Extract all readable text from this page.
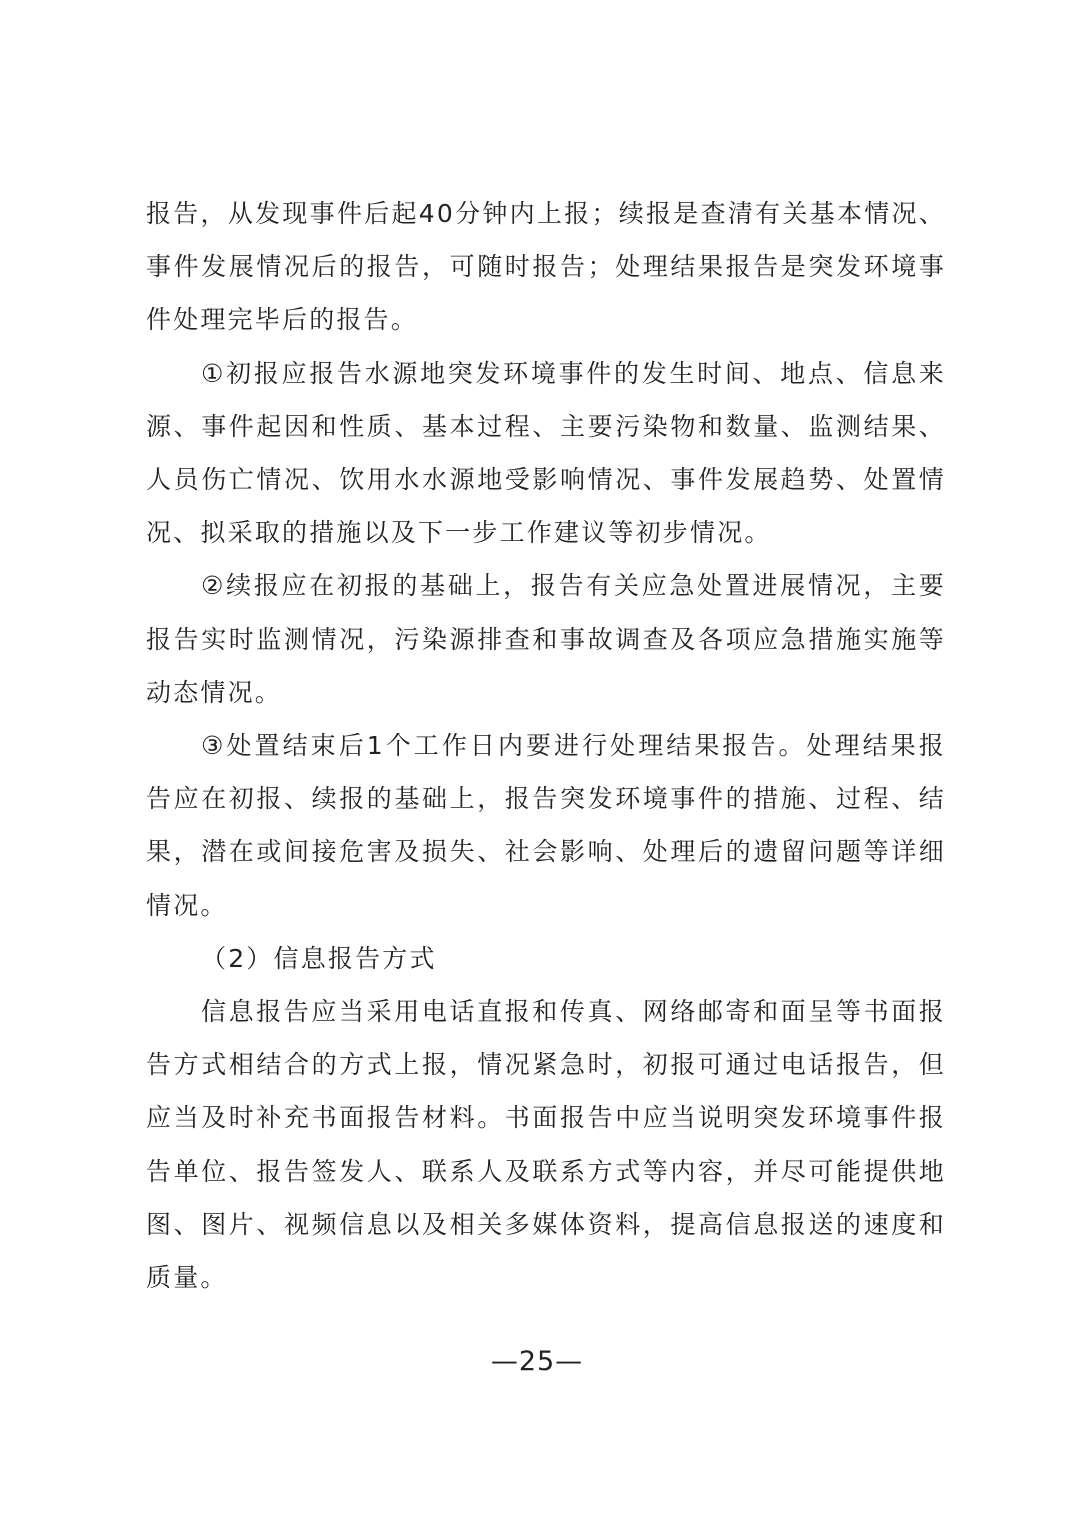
报告，从发现事件后起40分钟内上报；续报是查清有关基本情况、事件发展情况后的报告，可随时报告；处理结果报告是突发环境事件处理完毕后的报告。

①初报应报告水源地突发环境事件的发生时间、地点、信息来源、事件起因和性质、基本过程、主要污染物和数量、监测结果、人员伤亡情况、饮用水水源地受影响情况、事件发展趋势、处置情况、拟采取的措施以及下一步工作建议等初步情况。

②续报应在初报的基础上，报告有关应急处置进展情况，主要报告实时监测情况，污染源排查和事故调查及各项应急措施实施等动态情况。

③处置结束后1个工作日内要进行处理结果报告。处理结果报告应在初报、续报的基础上，报告突发环境事件的措施、过程、结果，潜在或间接危害及损失、社会影响、处理后的遗留问题等详细情况。

（2）信息报告方式

信息报告应当采用电话直报和传真、网络邮寄和面呈等书面报告方式相结合的方式上报，情况紧急时，初报可通过电话报告，但应当及时补充书面报告材料。书面报告中应当说明突发环境事件报告单位、报告签发人、联系人及联系方式等内容，并尽可能提供地图、图片、视频信息以及相关多媒体资料，提高信息报送的速度和质量。

—25—
